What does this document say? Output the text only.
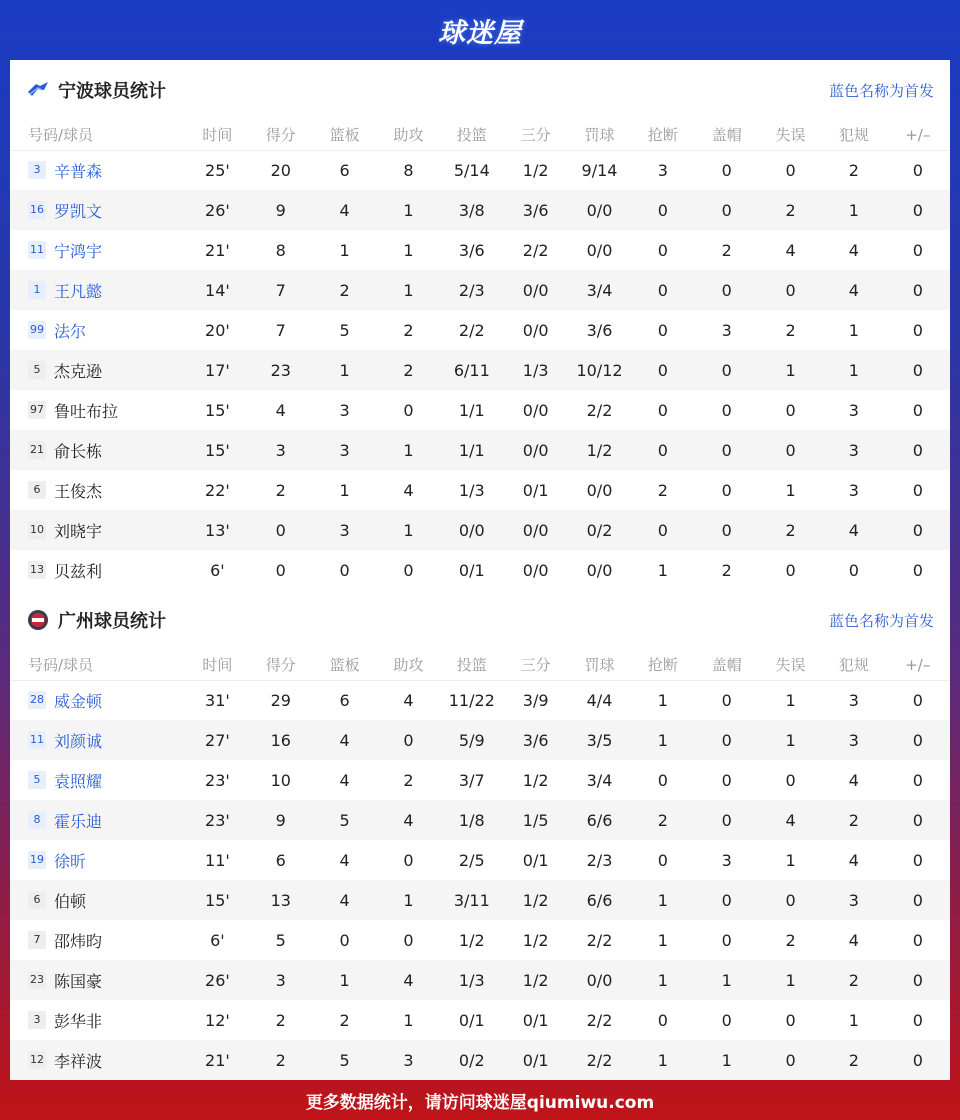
球迷屋
宁波球员统计	蓝色名称为首发
号码/球员	时间	得分	篮板	助攻	投篮	三分	罚球	抢断	盖帽	失误	犯规	+/–
3 辛普森	25'	20	6	8	5/14	1/2	9/14	3	0	0	2	0
16 罗凯文	26'	9	4	1	3/8	3/6	0/0	0	0	2	1	0
11 宁鸿宇	21'	8	1	1	3/6	2/2	0/0	0	2	4	4	0
1 王凡懿	14'	7	2	1	2/3	0/0	3/4	0	0	0	4	0
99 法尔	20'	7	5	2	2/2	0/0	3/6	0	3	2	1	0
5 杰克逊	17'	23	1	2	6/11	1/3	10/12	0	0	1	1	0
97 鲁吐布拉	15'	4	3	0	1/1	0/0	2/2	0	0	0	3	0
21 俞长栋	15'	3	3	1	1/1	0/0	1/2	0	0	0	3	0
6 王俊杰	22'	2	1	4	1/3	0/1	0/0	2	0	1	3	0
10 刘晓宇	13'	0	3	1	0/0	0/0	0/2	0	0	2	4	0
13 贝兹利	6'	0	0	0	0/1	0/0	0/0	1	2	0	0	0
广州球员统计	蓝色名称为首发
号码/球员	时间	得分	篮板	助攻	投篮	三分	罚球	抢断	盖帽	失误	犯规	+/–
28 威金顿	31'	29	6	4	11/22	3/9	4/4	1	0	1	3	0
11 刘颜诚	27'	16	4	0	5/9	3/6	3/5	1	0	1	3	0
5 袁照耀	23'	10	4	2	3/7	1/2	3/4	0	0	0	4	0
8 霍乐迪	23'	9	5	4	1/8	1/5	6/6	2	0	4	2	0
19 徐昕	11'	6	4	0	2/5	0/1	2/3	0	3	1	4	0
6 伯顿	15'	13	4	1	3/11	1/2	6/6	1	0	0	3	0
7 邵炜昀	6'	5	0	0	1/2	1/2	2/2	1	0	2	4	0
23 陈国豪	26'	3	1	4	1/3	1/2	0/0	1	1	1	2	0
3 彭华非	12'	2	2	1	0/1	0/1	2/2	0	0	0	1	0
12 李祥波	21'	2	5	3	0/2	0/1	2/2	1	1	0	2	0
更多数据统计，请访问球迷屋qiumiwu.com
